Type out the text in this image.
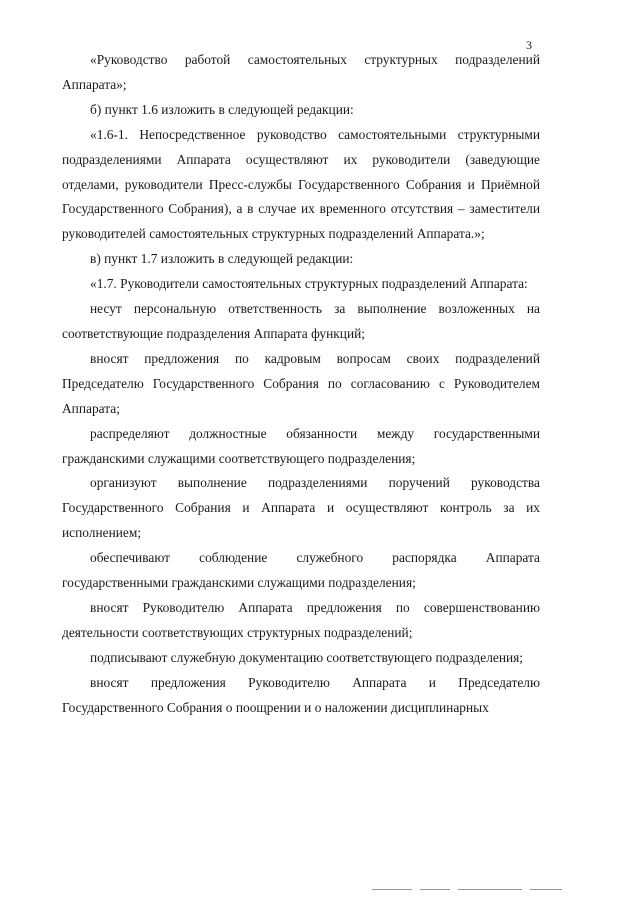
3

«Руководство работой самостоятельных структурных подразделений Аппарата»;

б) пункт 1.6 изложить в следующей редакции:

«1.6-1. Непосредственное руководство самостоятельными структурными подразделениями Аппарата осуществляют их руководители (заведующие отделами, руководители Пресс-службы Государственного Собрания и Приёмной Государственного Собрания), а в случае их временного отсутствия – заместители руководителей самостоятельных структурных подразделений Аппарата.»;

в) пункт 1.7 изложить в следующей редакции:

«1.7. Руководители самостоятельных структурных подразделений Аппарата:

несут персональную ответственность за выполнение возложенных на соответствующие подразделения Аппарата функций;

вносят предложения по кадровым вопросам своих подразделений Председателю Государственного Собрания по согласованию с Руководителем Аппарата;

распределяют должностные обязанности между государственными гражданскими служащими соответствующего подразделения;

организуют выполнение подразделениями поручений руководства Государственного Собрания и Аппарата и осуществляют контроль за их исполнением;

обеспечивают соблюдение служебного распорядка Аппарата государственными гражданскими служащими подразделения;

вносят Руководителю Аппарата предложения по совершенствованию деятельности соответствующих структурных подразделений;

подписывают служебную документацию соответствующего подразделения;

вносят предложения Руководителю Аппарата и Председателю Государственного Собрания о поощрении и о наложении дисциплинарных
